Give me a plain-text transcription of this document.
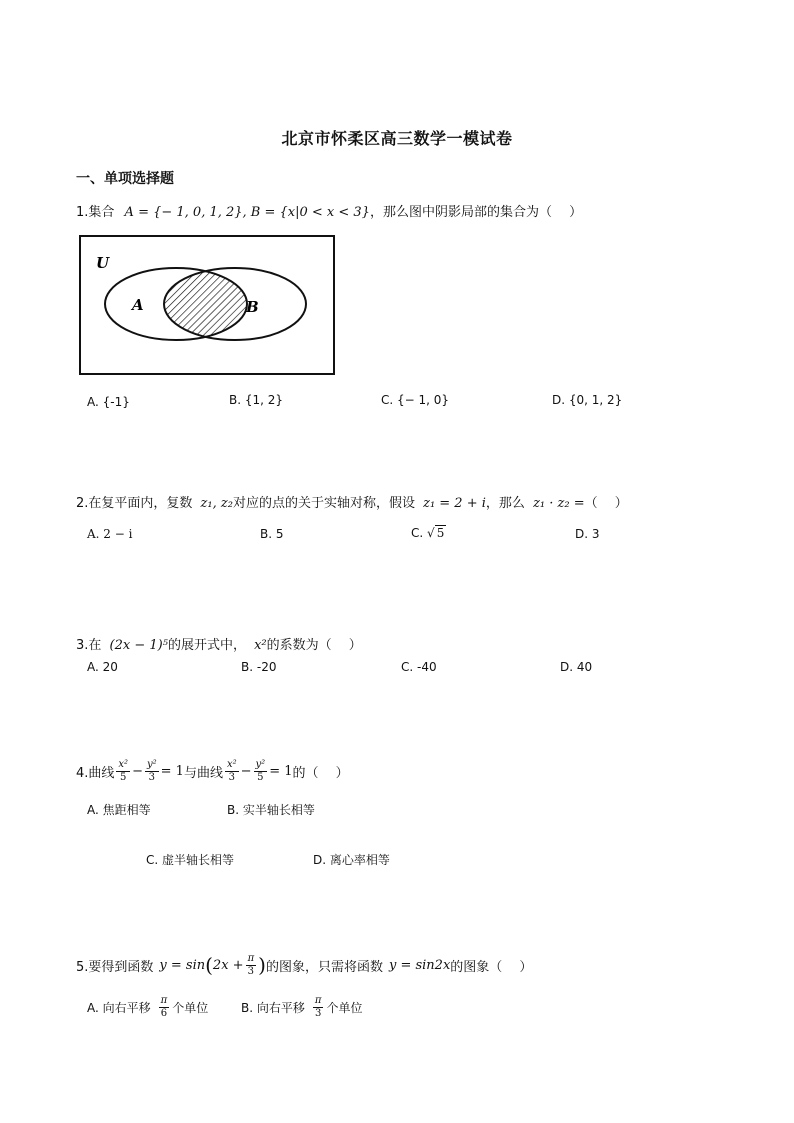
北京市怀柔区高三数学一模试卷
一、单项选择题
1.集合 A = {− 1, 0, 1, 2}, B = {x|0 < x < 3}，那么图中阴影局部的集合为（　 ）
U
A	B
A. {-1}	B. {1, 2}	C. {− 1, 0}	D. {0, 1, 2}
2.在复平面内，复数 z₁, z₂对应的点的关于实轴对称，假设 z₁ = 2 + i，那么 z₁ · z₂ =（　 ）
A. 2 − i	B. 5	C. √ 5	D. 3
3.在 (2x − 1)⁵的展开式中， x²的系数为（　 ）
A. 20	B. -20	C. -40	D. 40
4.曲线 $\frac{\text{x²}}{5} - \frac{\text{y²}}{3} = 1$ 与曲线 $\frac{\text{x²}}{3} - \frac{\text{y²}}{5} = 1$ 的（　 ）
A. 焦距相等	B. 实半轴长相等
C. 虚半轴长相等	D. 离心率相等
5.要得到函数 y = sin ( $2x + \frac{\pi}{3}$ ) 的图象，只需将函数 y = sin2x 的图象（　 ）
A. 向右平移 $\frac{\pi}{6}$ 个单位	B. 向右平移 $\frac{\pi}{3}$ 个单位
